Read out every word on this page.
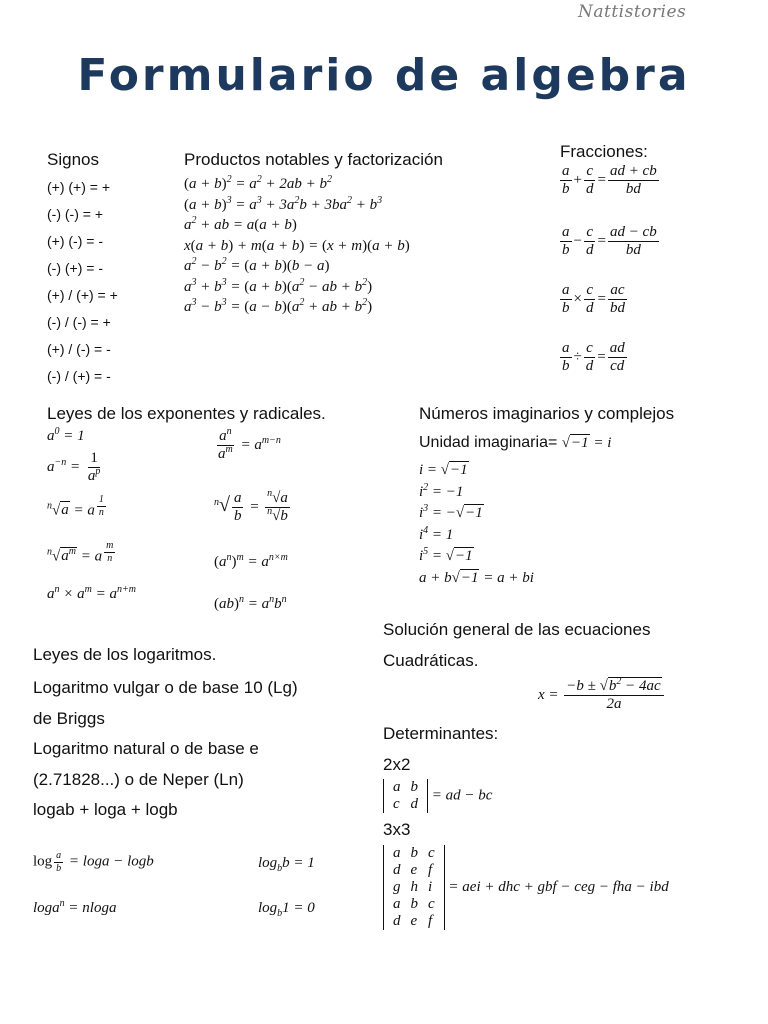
Nattistories
Formulario de algebra
Signos
(+) (+) = +
(-) (-) = +
(+) (-) = -
(-) (+) = -
(+) / (+) = +
(-) / (-) = +
(+) / (-) = -
(-) / (+) = -
Productos notables y factorización
$(a + b)^2 = a^2 + 2ab + b^2$
$(a + b)^3 = a^3 + 3a^2b + 3ba^2 + b^3$
$a^2$ + ab = a(a + b)
x(a + b) + m(a + b) = (x + m)(a + b)
$a^2 - b^2 = (a + b)(b - a)$
$a^3 + b^3 = (a + b)(a^2$ − ab + $b^2$)
$a^3 - b^3 = (a - b)(a^2$ + ab + $b^2$)
Fracciones:
$\frac{a}{b} + \frac{c}{d} = \frac{ad + cb}{bd}$
$\frac{a}{b} - \frac{c}{d} = \frac{ad - cb}{bd}$
$\frac{a}{b} \times \frac{c}{d} = \frac{ac}{bd}$
$\frac{a}{b} \div \frac{c}{d} = \frac{ad}{cd}$
Leyes de los exponentes y radicales.
$a^0 = 1$
$a^{-n} = \frac{1}{a^p}$
$^n$√a = a $^{\frac{1}{n}}$
$^n√a^m = a$ $^{\frac{m}{n}}$
$a^n \times a^m = a^{n+m}$
$\frac{a^n}{a^m} = a^{m-n}$
$^n√ \frac{a}{b} = \frac{^n√a}{^n√b}$
$(a^n)^m = a^{n\times m}$
$(ab)^n = a^nb^n$
Números imaginarios y complejos
Unidad imaginaria= √−1 = i
i = √−1
$i^2 = -1$
$i^3 = -√-1$
$i^4 = 1$
$i^5 = √-1$
a + b√−1 = a + bi
Leyes de los logaritmos.
Logaritmo vulgar o de base 10 (Lg)
de Briggs
Logaritmo natural o de base e
(2.71828...) o de Neper (Ln)
logab + loga + logb
$\log \frac{a}{b} = \log a - \log b$
loga$^n$ = nloga
$\log_bb = 1$
$\log_b1 = 0$
Solución general de las ecuaciones
Cuadráticas.
$x = \frac{-b \pm √b^2 - 4ac}{2a}$
Determinantes:
2x2
a	b
c	d
= ad − bc
3x3
a	b	c
d	e	f
g	h	i
a	b	c
d	e	f
= aei + dhc + gbf − ceg − fha − ibd
